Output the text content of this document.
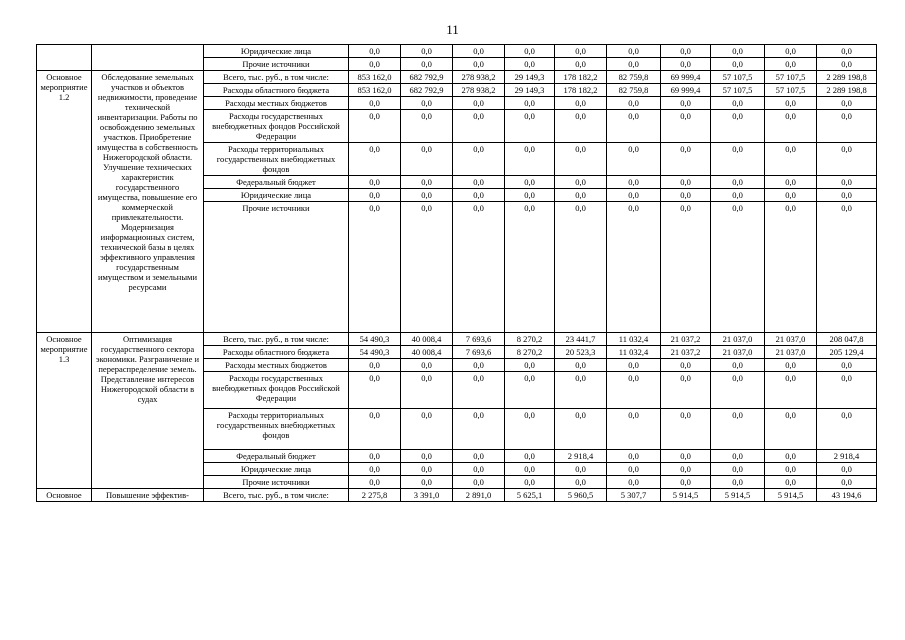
11
		Юридические лица	0,0	0,0	0,0	0,0	0,0	0,0	0,0	0,0	0,0	0,0
		Прочие источники	0,0	0,0	0,0	0,0	0,0	0,0	0,0	0,0	0,0	0,0
Основное мероприятие 1.2	Обследование земельных участков и объектов недвижимости, проведение технической инвентаризации. Работы по освобождению земельных участков. Приобретение имущества в собственность Нижегородской области. Улучшение технических характеристик государственного имущества, повышение его коммерческой привлекательности. Модернизация информационных систем, технической базы в целях эффективного управления государственным имуществом и земельными ресурсами	Всего, тыс. руб., в том числе:	853 162,0	682 792,9	278 938,2	29 149,3	178 182,2	82 759,8	69 999,4	57 107,5	57 107,5	2 289 198,8
		Расходы областного бюджета	853 162,0	682 792,9	278 938,2	29 149,3	178 182,2	82 759,8	69 999,4	57 107,5	57 107,5	2 289 198,8
		Расходы местных бюджетов	0,0	0,0	0,0	0,0	0,0	0,0	0,0	0,0	0,0	0,0
		Расходы государственных внебюджетных фондов Российской Федерации	0,0	0,0	0,0	0,0	0,0	0,0	0,0	0,0	0,0	0,0
		Расходы территориальных государственных внебюджетных фондов	0,0	0,0	0,0	0,0	0,0	0,0	0,0	0,0	0,0	0,0
		Федеральный бюджет	0,0	0,0	0,0	0,0	0,0	0,0	0,0	0,0	0,0	0,0
		Юридические лица	0,0	0,0	0,0	0,0	0,0	0,0	0,0	0,0	0,0	0,0
		Прочие источники	0,0	0,0	0,0	0,0	0,0	0,0	0,0	0,0	0,0	0,0
Основное мероприятие 1.3	Оптимизация государственного сектора экономики. Разграничение и перераспределение земель. Представление интересов Нижегородской области в судах	Всего, тыс. руб., в том числе:	54 490,3	40 008,4	7 693,6	8 270,2	23 441,7	11 032,4	21 037,2	21 037,0	21 037,0	208 047,8
		Расходы областного бюджета	54 490,3	40 008,4	7 693,6	8 270,2	20 523,3	11 032,4	21 037,2	21 037,0	21 037,0	205 129,4
		Расходы местных бюджетов	0,0	0,0	0,0	0,0	0,0	0,0	0,0	0,0	0,0	0,0
		Расходы государственных внебюджетных фондов Российской Федерации	0,0	0,0	0,0	0,0	0,0	0,0	0,0	0,0	0,0	0,0
		Расходы территориальных государственных внебюджетных фондов	0,0	0,0	0,0	0,0	0,0	0,0	0,0	0,0	0,0	0,0
		Федеральный бюджет	0,0	0,0	0,0	0,0	2 918,4	0,0	0,0	0,0	0,0	2 918,4
		Юридические лица	0,0	0,0	0,0	0,0	0,0	0,0	0,0	0,0	0,0	0,0
		Прочие источники	0,0	0,0	0,0	0,0	0,0	0,0	0,0	0,0	0,0	0,0
Основное	Повышение эффектив-	Всего, тыс. руб., в том числе:	2 275,8	3 391,0	2 891,0	5 625,1	5 960,5	5 307,7	5 914,5	5 914,5	5 914,5	43 194,6
